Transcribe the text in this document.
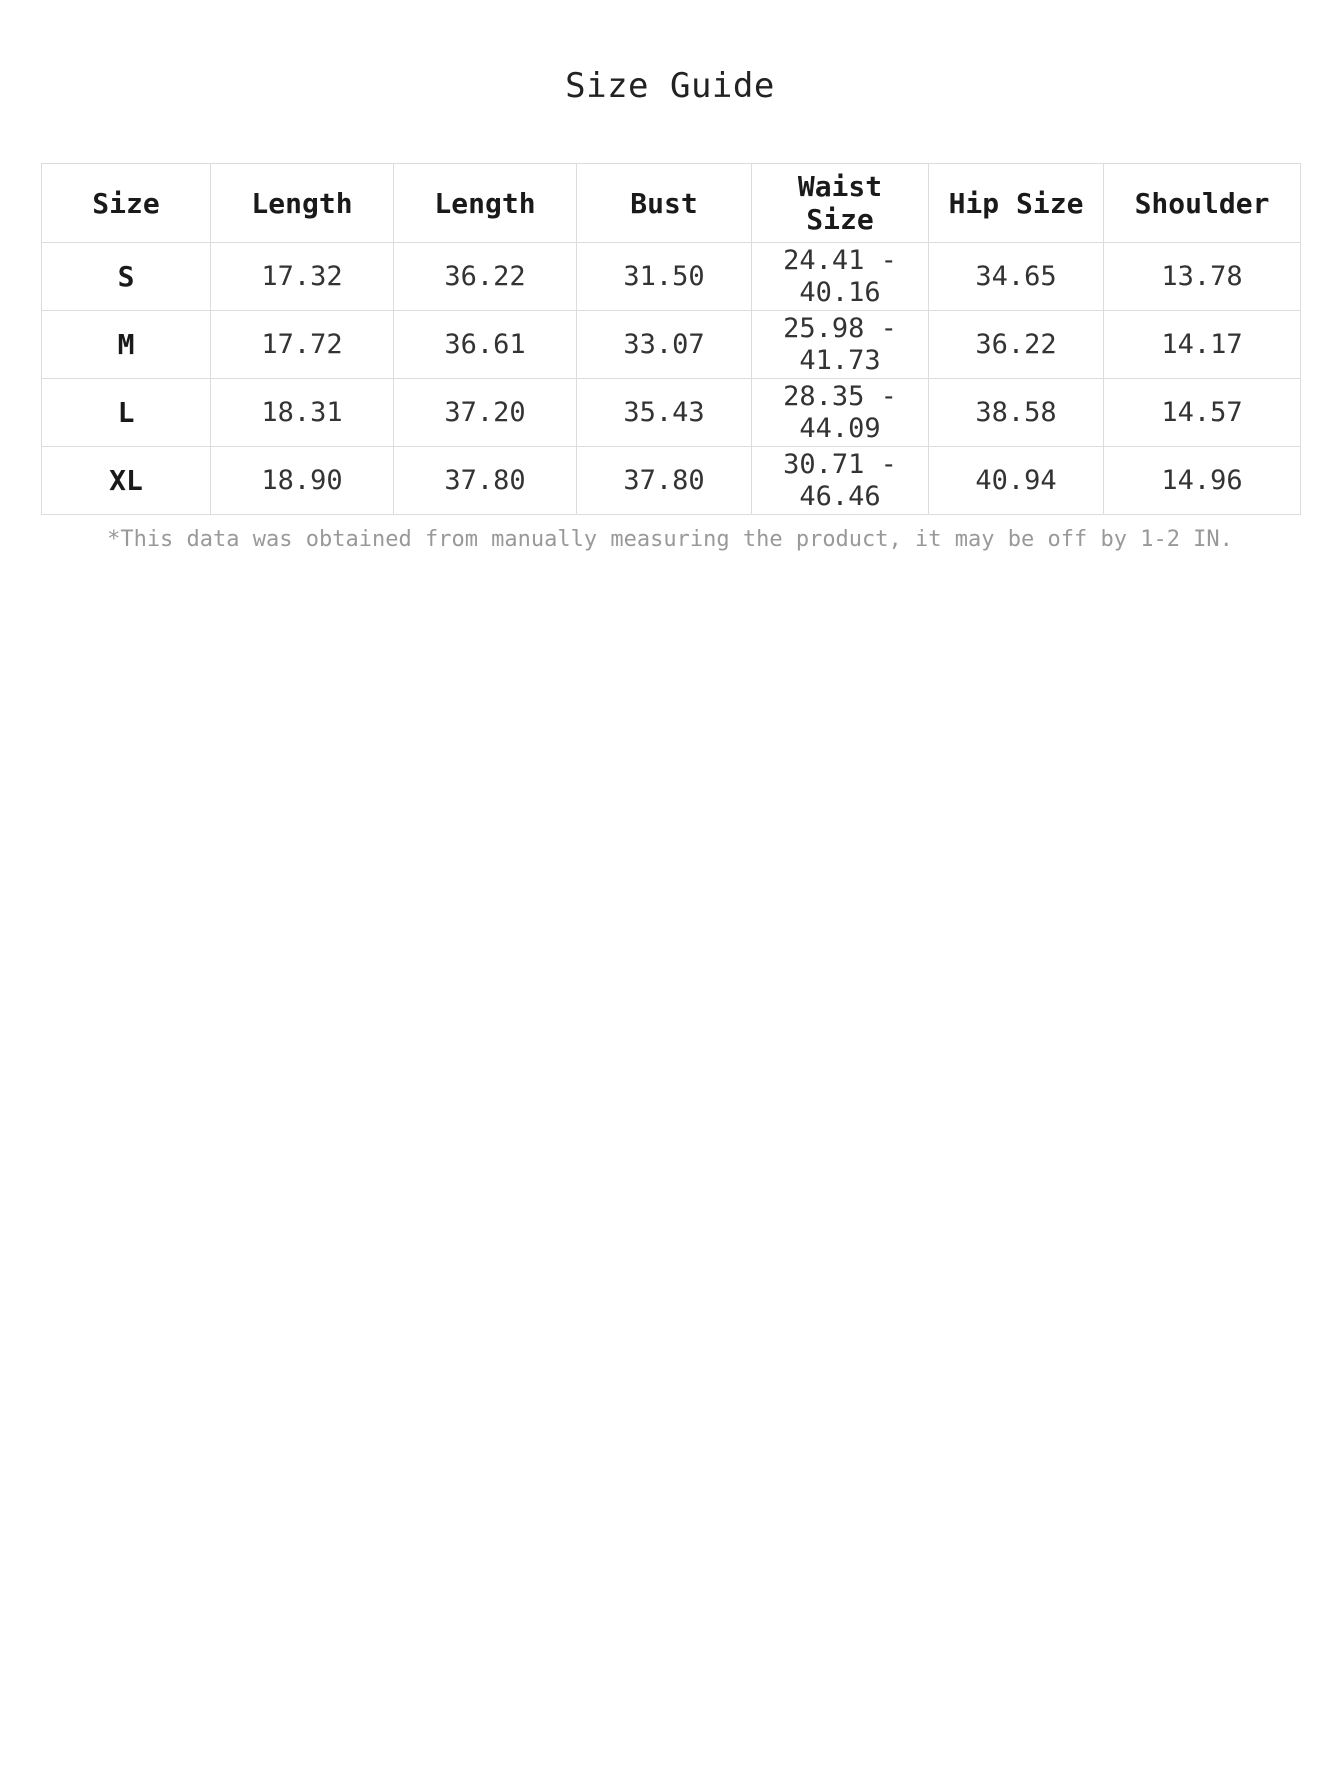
Size Guide
Size	Length	Length	Bust	Waist Size	Hip Size	Shoulder
S	17.32	36.22	31.50	24.41 - 40.16	34.65	13.78
M	17.72	36.61	33.07	25.98 - 41.73	36.22	14.17
L	18.31	37.20	35.43	28.35 - 44.09	38.58	14.57
XL	18.90	37.80	37.80	30.71 - 46.46	40.94	14.96
*This data was obtained from manually measuring the product, it may be off by 1-2 IN.
